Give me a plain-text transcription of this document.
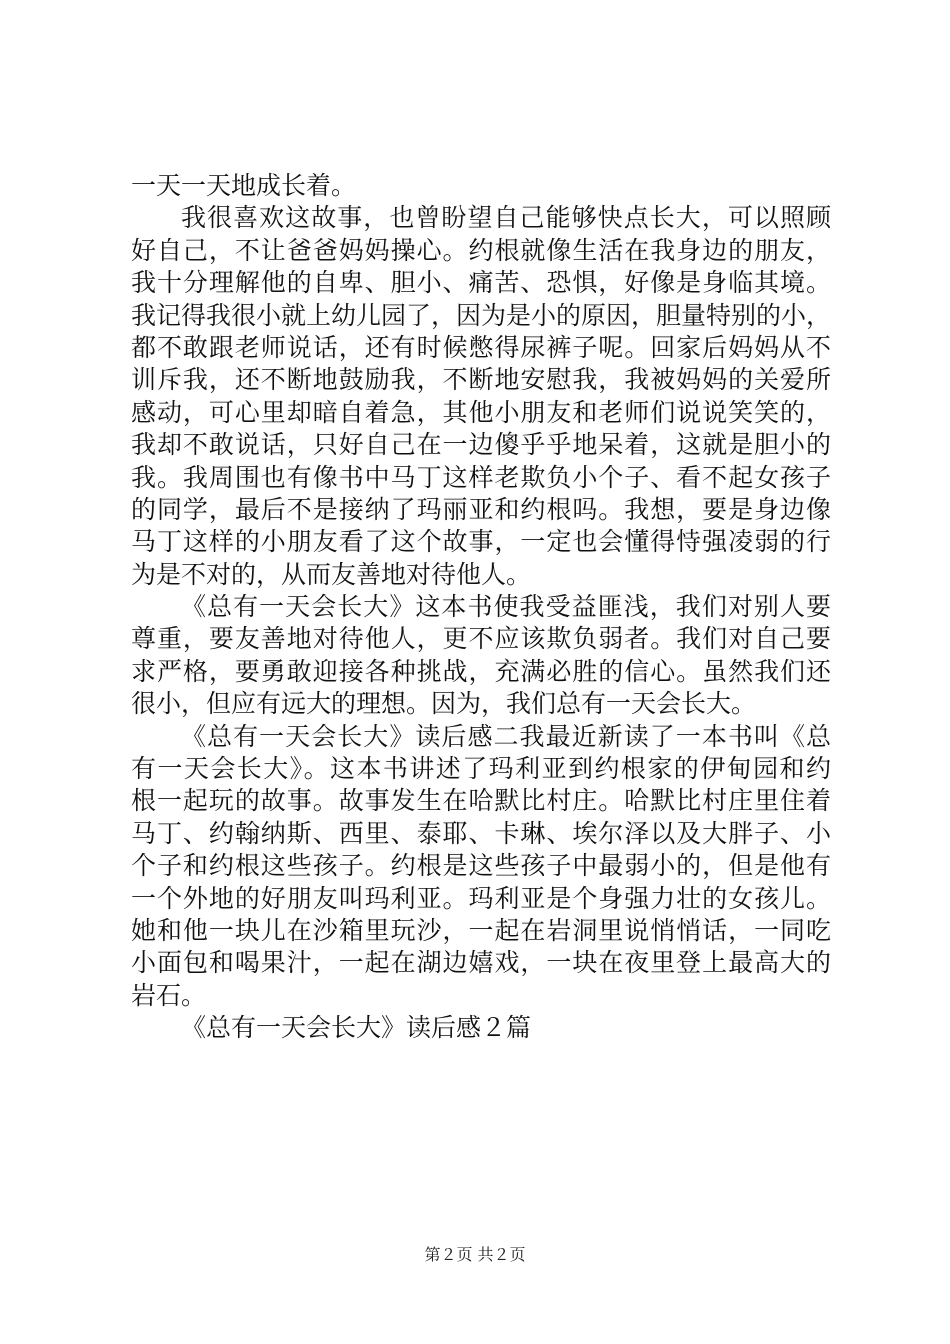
一天一天地成长着。
我很喜欢这故事，也曾盼望自己能够快点长大，可以照顾
好自己，不让爸爸妈妈操心。约根就像生活在我身边的朋友，
我十分理解他的自卑、胆小、痛苦、恐惧，好像是身临其境。
我记得我很小就上幼儿园了，因为是小的原因，胆量特别的小，
都不敢跟老师说话，还有时候憋得尿裤子呢。回家后妈妈从不
训斥我，还不断地鼓励我，不断地安慰我，我被妈妈的关爱所
感动，可心里却暗自着急，其他小朋友和老师们说说笑笑的，
我却不敢说话，只好自己在一边傻乎乎地呆着，这就是胆小的
我。我周围也有像书中马丁这样老欺负小个子、看不起女孩子
的同学，最后不是接纳了玛丽亚和约根吗。我想，要是身边像
马丁这样的小朋友看了这个故事，一定也会懂得恃强凌弱的行
为是不对的，从而友善地对待他人。
《总有一天会长大》这本书使我受益匪浅，我们对别人要
尊重，要友善地对待他人，更不应该欺负弱者。我们对自己要
求严格，要勇敢迎接各种挑战，充满必胜的信心。虽然我们还
很小，但应有远大的理想。因为，我们总有一天会长大。
《总有一天会长大》读后感二我最近新读了一本书叫《总
有一天会长大》。这本书讲述了玛利亚到约根家的伊甸园和约
根一起玩的故事。故事发生在哈默比村庄。哈默比村庄里住着
马丁、约翰纳斯、西里、泰耶、卡琳、埃尔泽以及大胖子、小
个子和约根这些孩子。约根是这些孩子中最弱小的，但是他有
一个外地的好朋友叫玛利亚。玛利亚是个身强力壮的女孩儿。
她和他一块儿在沙箱里玩沙，一起在岩洞里说悄悄话，一同吃
小面包和喝果汁，一起在湖边嬉戏，一块在夜里登上最高大的
岩石。
《总有一天会长大》读后感２篇
第２页 共２页
